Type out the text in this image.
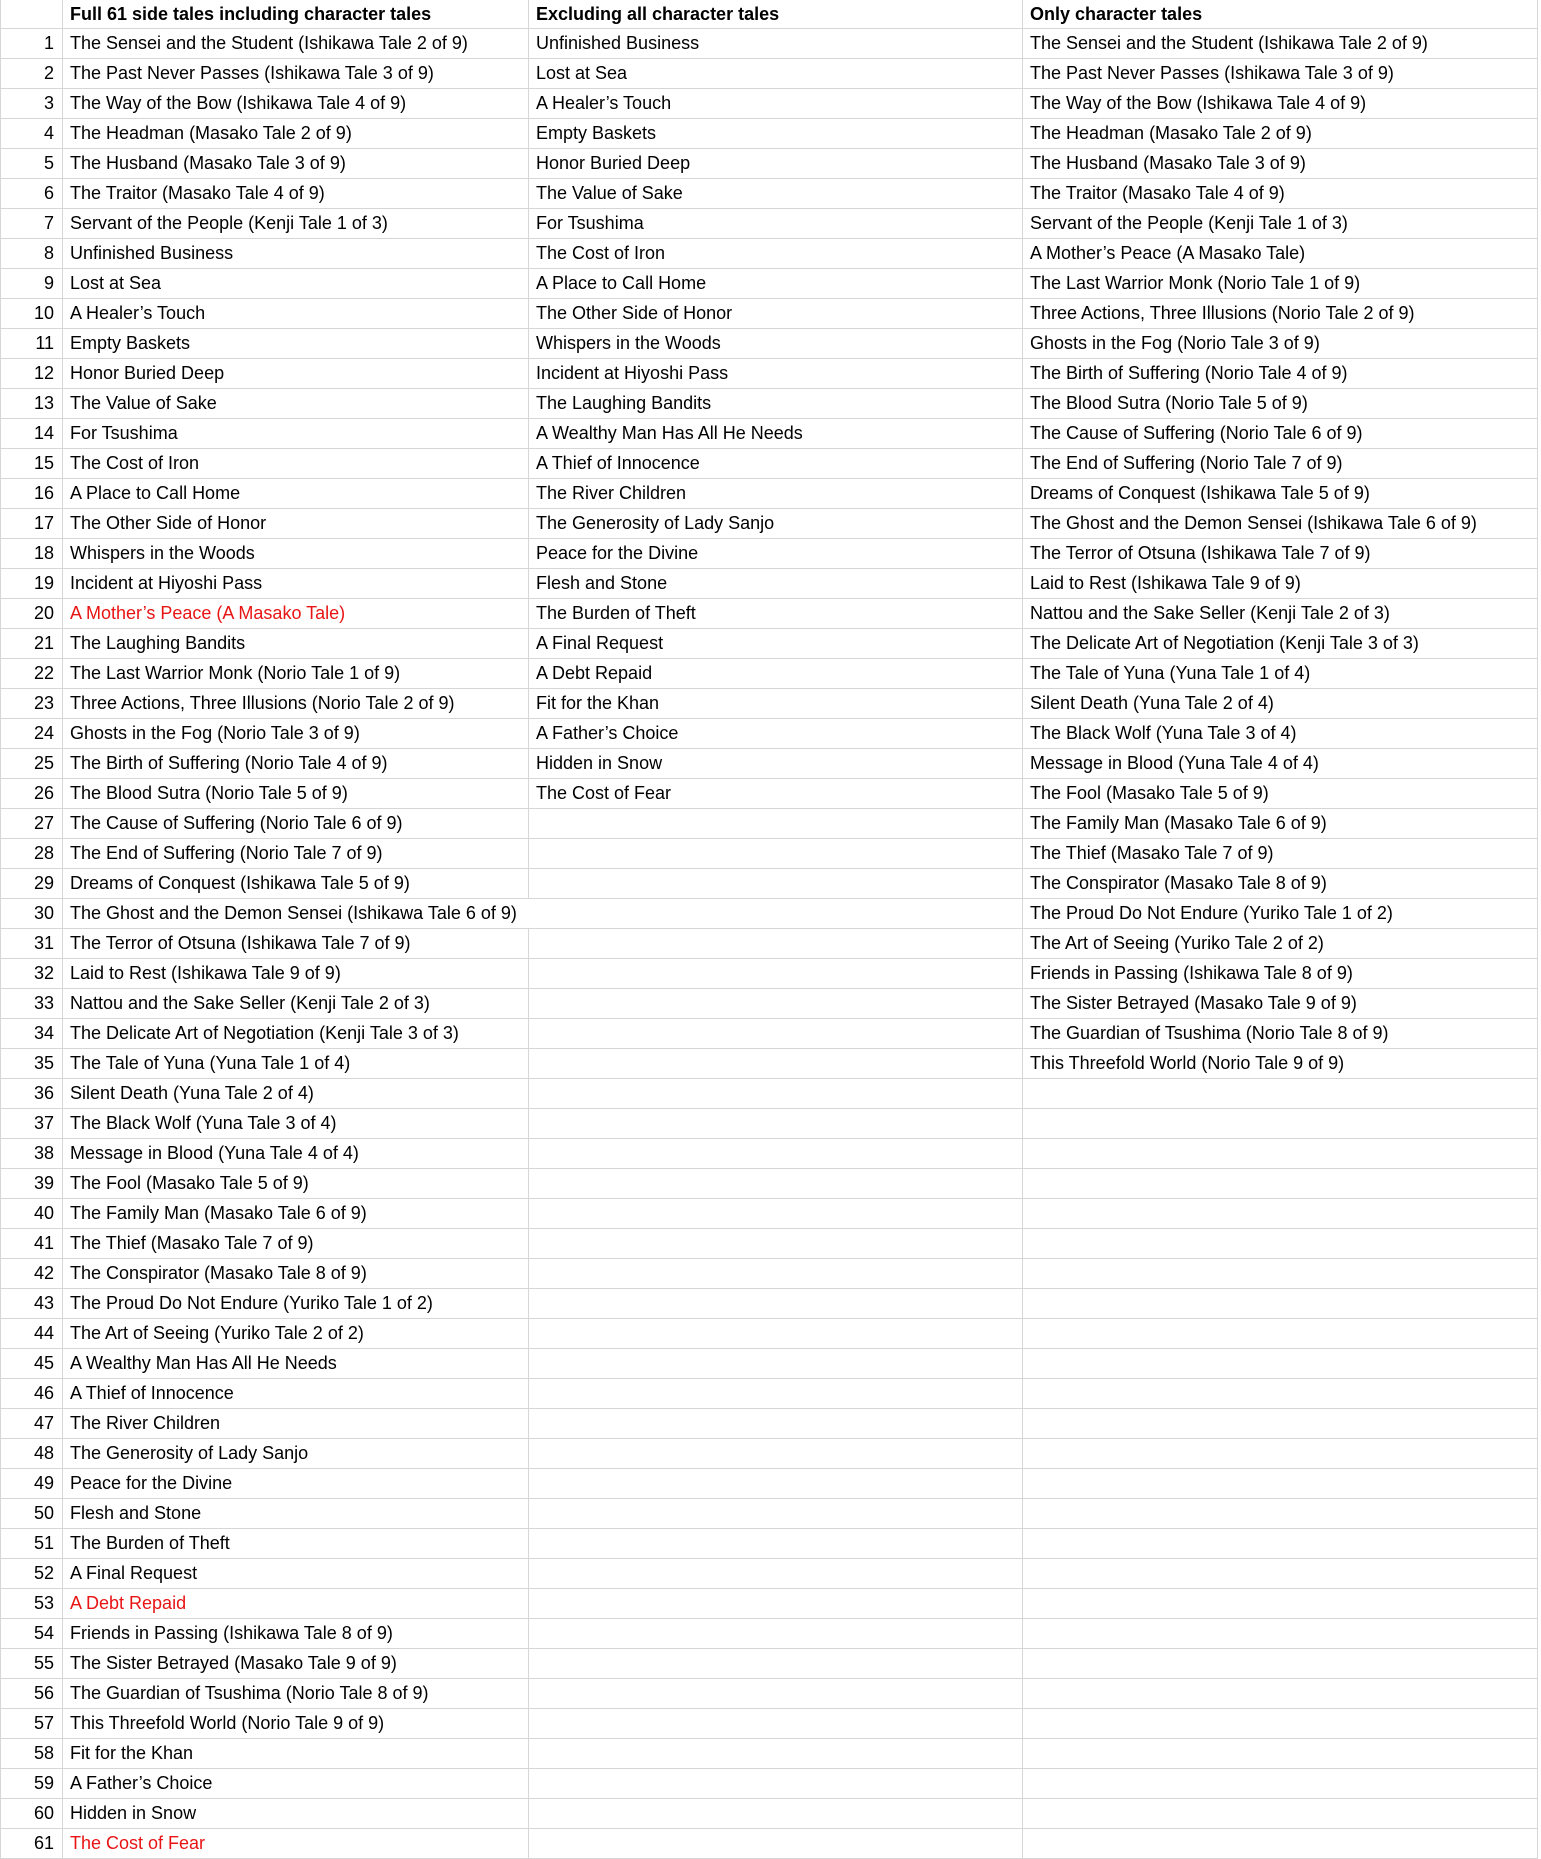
	Full 61 side tales including character tales	Excluding all character tales	Only character tales
1	The Sensei and the Student (Ishikawa Tale 2 of 9)	Unfinished Business	The Sensei and the Student (Ishikawa Tale 2 of 9)
2	The Past Never Passes (Ishikawa Tale 3 of 9)	Lost at Sea	The Past Never Passes (Ishikawa Tale 3 of 9)
3	The Way of the Bow (Ishikawa Tale 4 of 9)	A Healer’s Touch	The Way of the Bow (Ishikawa Tale 4 of 9)
4	The Headman (Masako Tale 2 of 9)	Empty Baskets	The Headman (Masako Tale 2 of 9)
5	The Husband (Masako Tale 3 of 9)	Honor Buried Deep	The Husband (Masako Tale 3 of 9)
6	The Traitor (Masako Tale 4 of 9)	The Value of Sake	The Traitor (Masako Tale 4 of 9)
7	Servant of the People (Kenji Tale 1 of 3)	For Tsushima	Servant of the People (Kenji Tale 1 of 3)
8	Unfinished Business	The Cost of Iron	A Mother’s Peace (A Masako Tale)
9	Lost at Sea	A Place to Call Home	The Last Warrior Monk (Norio Tale 1 of 9)
10	A Healer’s Touch	The Other Side of Honor	Three Actions, Three Illusions (Norio Tale 2 of 9)
11	Empty Baskets	Whispers in the Woods	Ghosts in the Fog (Norio Tale 3 of 9)
12	Honor Buried Deep	Incident at Hiyoshi Pass	The Birth of Suffering (Norio Tale 4 of 9)
13	The Value of Sake	The Laughing Bandits	The Blood Sutra (Norio Tale 5 of 9)
14	For Tsushima	A Wealthy Man Has All He Needs	The Cause of Suffering (Norio Tale 6 of 9)
15	The Cost of Iron	A Thief of Innocence	The End of Suffering (Norio Tale 7 of 9)
16	A Place to Call Home	The River Children	Dreams of Conquest (Ishikawa Tale 5 of 9)
17	The Other Side of Honor	The Generosity of Lady Sanjo	The Ghost and the Demon Sensei (Ishikawa Tale 6 of 9)
18	Whispers in the Woods	Peace for the Divine	The Terror of Otsuna (Ishikawa Tale 7 of 9)
19	Incident at Hiyoshi Pass	Flesh and Stone	Laid to Rest (Ishikawa Tale 9 of 9)
20	A Mother’s Peace (A Masako Tale)	The Burden of Theft	Nattou and the Sake Seller (Kenji Tale 2 of 3)
21	The Laughing Bandits	A Final Request	The Delicate Art of Negotiation (Kenji Tale 3 of 3)
22	The Last Warrior Monk (Norio Tale 1 of 9)	A Debt Repaid	The Tale of Yuna (Yuna Tale 1 of 4)
23	Three Actions, Three Illusions (Norio Tale 2 of 9)	Fit for the Khan	Silent Death (Yuna Tale 2 of 4)
24	Ghosts in the Fog (Norio Tale 3 of 9)	A Father’s Choice	The Black Wolf (Yuna Tale 3 of 4)
25	The Birth of Suffering (Norio Tale 4 of 9)	Hidden in Snow	Message in Blood (Yuna Tale 4 of 4)
26	The Blood Sutra (Norio Tale 5 of 9)	The Cost of Fear	The Fool (Masako Tale 5 of 9)
27	The Cause of Suffering (Norio Tale 6 of 9)		The Family Man (Masako Tale 6 of 9)
28	The End of Suffering (Norio Tale 7 of 9)		The Thief (Masako Tale 7 of 9)
29	Dreams of Conquest (Ishikawa Tale 5 of 9)		The Conspirator (Masako Tale 8 of 9)
30	The Ghost and the Demon Sensei (Ishikawa Tale 6 of 9)		The Proud Do Not Endure (Yuriko Tale 1 of 2)
31	The Terror of Otsuna (Ishikawa Tale 7 of 9)		The Art of Seeing (Yuriko Tale 2 of 2)
32	Laid to Rest (Ishikawa Tale 9 of 9)		Friends in Passing (Ishikawa Tale 8 of 9)
33	Nattou and the Sake Seller (Kenji Tale 2 of 3)		The Sister Betrayed (Masako Tale 9 of 9)
34	The Delicate Art of Negotiation (Kenji Tale 3 of 3)		The Guardian of Tsushima (Norio Tale 8 of 9)
35	The Tale of Yuna (Yuna Tale 1 of 4)		This Threefold World (Norio Tale 9 of 9)
36	Silent Death (Yuna Tale 2 of 4)		
37	The Black Wolf (Yuna Tale 3 of 4)		
38	Message in Blood (Yuna Tale 4 of 4)		
39	The Fool (Masako Tale 5 of 9)		
40	The Family Man (Masako Tale 6 of 9)		
41	The Thief (Masako Tale 7 of 9)		
42	The Conspirator (Masako Tale 8 of 9)		
43	The Proud Do Not Endure (Yuriko Tale 1 of 2)		
44	The Art of Seeing (Yuriko Tale 2 of 2)		
45	A Wealthy Man Has All He Needs		
46	A Thief of Innocence		
47	The River Children		
48	The Generosity of Lady Sanjo		
49	Peace for the Divine		
50	Flesh and Stone		
51	The Burden of Theft		
52	A Final Request		
53	A Debt Repaid		
54	Friends in Passing (Ishikawa Tale 8 of 9)		
55	The Sister Betrayed (Masako Tale 9 of 9)		
56	The Guardian of Tsushima (Norio Tale 8 of 9)		
57	This Threefold World (Norio Tale 9 of 9)		
58	Fit for the Khan		
59	A Father’s Choice		
60	Hidden in Snow		
61	The Cost of Fear		
